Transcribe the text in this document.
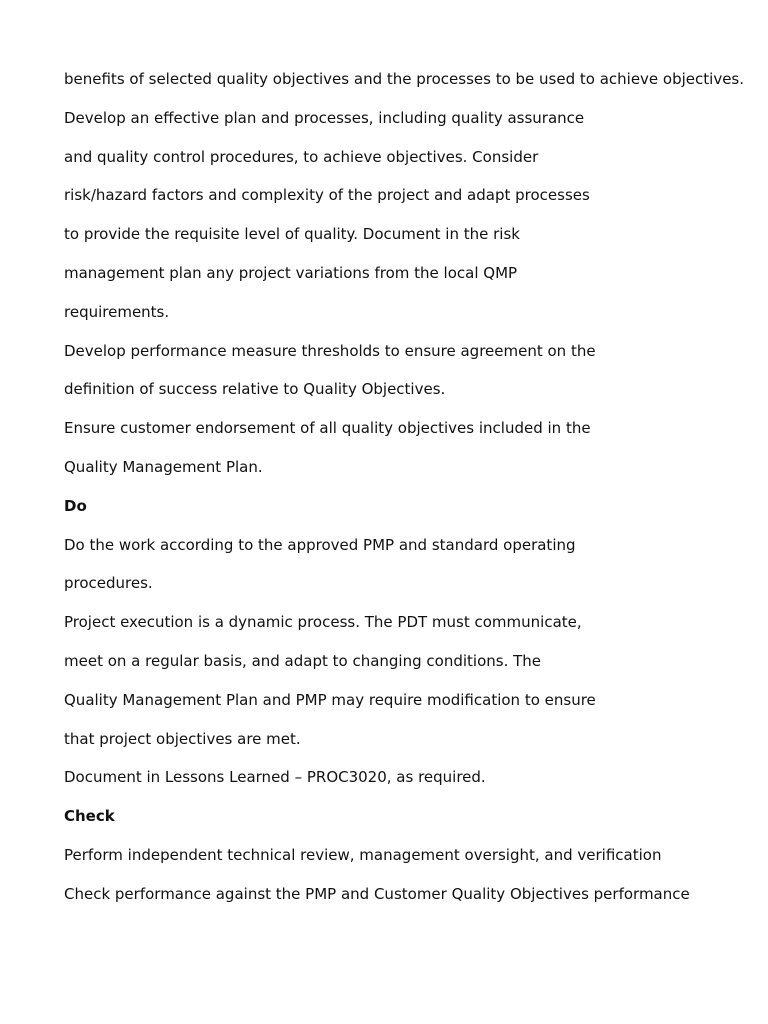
benefits of selected quality objectives and the processes to be used to achieve objectives.
Develop an effective plan and processes, including quality assurance
and quality control procedures, to achieve objectives. Consider
risk/hazard factors and complexity of the project and adapt processes
to provide the requisite level of quality. Document in the risk
management plan any project variations from the local QMP
requirements.
Develop performance measure thresholds to ensure agreement on the
definition of success relative to Quality Objectives.
Ensure customer endorsement of all quality objectives included in the
Quality Management Plan.
Do
Do the work according to the approved PMP and standard operating
procedures.
Project execution is a dynamic process. The PDT must communicate,
meet on a regular basis, and adapt to changing conditions. The
Quality Management Plan and PMP may require modification to ensure
that project objectives are met.
Document in Lessons Learned – PROC3020, as required.
Check
Perform independent technical review, management oversight, and verification
Check performance against the PMP and Customer Quality Objectives performance
